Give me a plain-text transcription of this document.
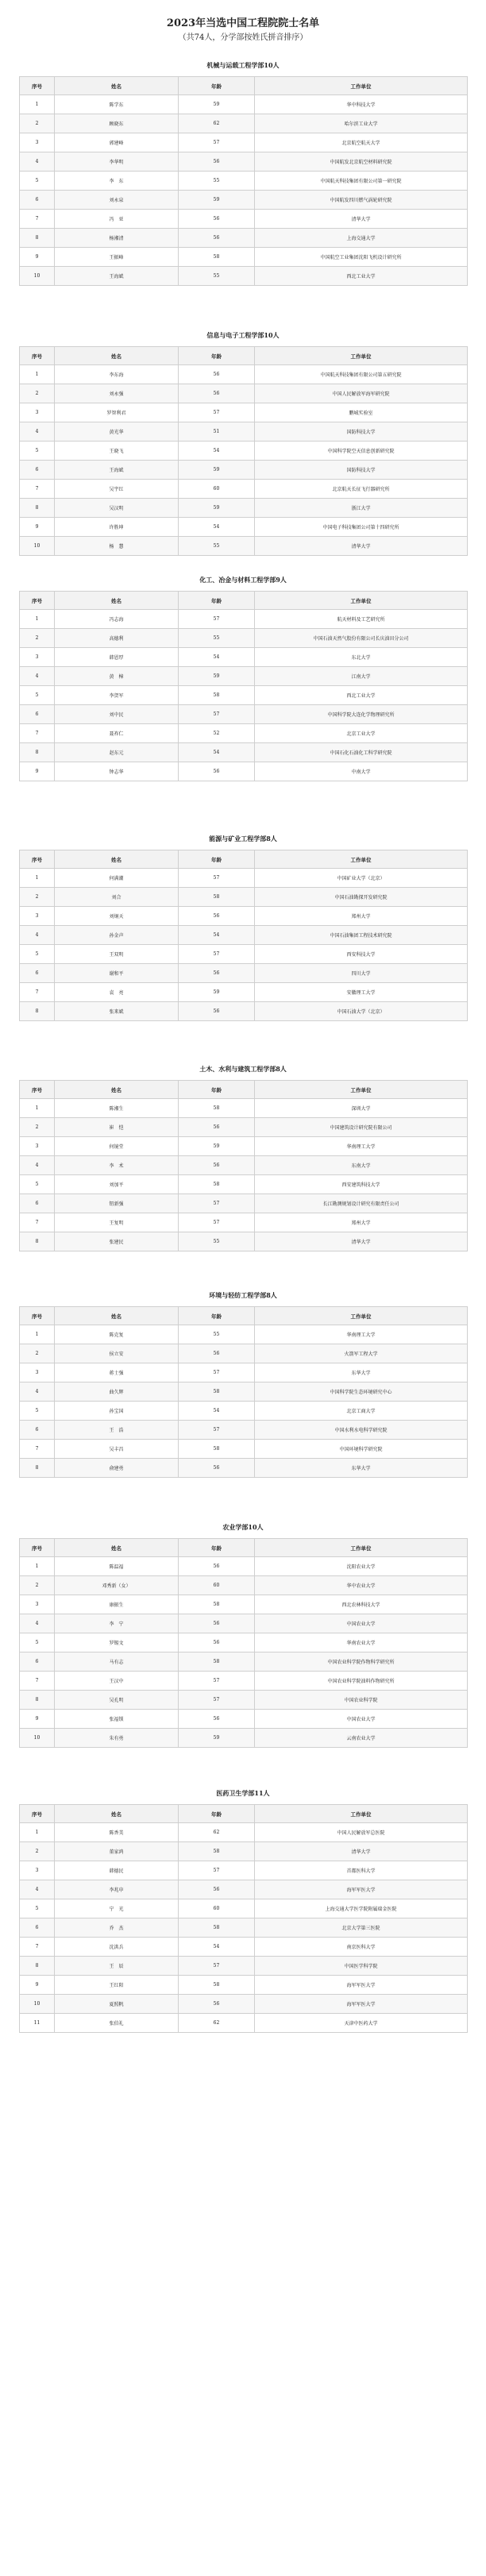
2023年当选中国工程院院士名单

（共74人，分学部按姓氏拼音排序）

机械与运载工程学部10人
序号	姓名	年龄	工作单位
1	陈学东	59	华中科技大学
2	顾晓东	62	哈尔滨工业大学
3	郭建峰	57	北京航空航天大学
4	李华明	56	中国航发北京航空材料研究院
5	李　东	55	中国航天科技集团有限公司第一研究院
6	刘永泉	59	中国航发四川燃气涡轮研究院
7	冯　亚	56	清华大学
8	杨湘清	56	上海交通大学
9	王振峰	58	中国航空工业集团沈阳飞机设计研究所
10	王海斌	55	西北工业大学
信息与电子工程学部10人
序号	姓名	年龄	工作单位
1	李东海	56	中国航天科技集团有限公司第五研究院
2	刘永强	56	中国人民解放军海军研究院
3	罗智利君	57	鹏城实验室
4	黄光华	51	国防科技大学
5	王晓飞	54	中国科学院空天信息创新研究院
6	王海斌	59	国防科技大学
7	吴宇红	60	北京航天长征飞行器研究所
8	吴汉明	59	浙江大学
9	许胜坤	54	中国电子科技集团公司第十四研究所
10	杨　慧	55	清华大学
化工、冶金与材料工程学部9人
序号	姓名	年龄	工作单位
1	冯志海	57	航天材料及工艺研究所
2	高德利	55	中国石油天然气股份有限公司长庆油田分公司
3	韩恩厚	54	东北大学
4	黄　樟	59	江南大学
5	李贺军	58	西北工业大学
6	刘中民	57	中国科学院大连化学物理研究所
7	聂祚仁	52	北京工业大学
8	赵东元	54	中国石化石油化工科学研究院
9	钟志华	56	中南大学
能源与矿业工程学部8人
序号	姓名	年龄	工作单位
1	何满潮	57	中国矿业大学（北京）
2	刘合	58	中国石油勘探开发研究院
3	刘炯天	56	郑州大学
4	孙金声	54	中国石油集团工程技术研究院
5	王双明	57	西安科技大学
6	谢和平	56	四川大学
7	袁　亮	59	安徽理工大学
8	张来斌	56	中国石油大学（北京）
土木、水利与建筑工程学部8人
序号	姓名	年龄	工作单位
1	陈湘生	58	深圳大学
2	崔　恺	56	中国建筑设计研究院有限公司
3	何镜堂	59	华南理工大学
4	李　术	56	东南大学
5	刘加平	58	西安建筑科技大学
6	钮新强	57	长江勘测规划设计研究有限责任公司
7	王复明	57	郑州大学
8	张建民	55	清华大学
环境与轻纺工程学部8人
序号	姓名	年龄	工作单位
1	陈克复	55	华南理工大学
2	侯立安	56	火箭军工程大学
3	蒋士强	57	东华大学
4	曲久辉	58	中国科学院生态环境研究中心
5	孙宝国	54	北京工商大学
6	王　浩	57	中国水利水电科学研究院
7	吴丰昌	58	中国环境科学研究院
8	俞建勇	56	东华大学
农业学部10人
序号	姓名	年龄	工作单位
1	陈温福	56	沈阳农业大学
2	邓秀新（女）	60	华中农业大学
3	康振生	58	西北农林科技大学
4	李　宁	56	中国农业大学
5	罗锡文	56	华南农业大学
6	马有志	58	中国农业科学院作物科学研究所
7	王汉中	57	中国农业科学院油料作物研究所
8	吴孔明	57	中国农业科学院
9	张福锁	56	中国农业大学
10	朱有勇	59	云南农业大学
医药卫生学部11人
序号	姓名	年龄	工作单位
1	陈香美	62	中国人民解放军总医院
2	董家鸿	58	清华大学
3	韩德民	57	首都医科大学
4	李兆申	56	海军军医大学
5	宁　光	60	上海交通大学医学院附属瑞金医院
6	乔　杰	58	北京大学第三医院
7	沈洪兵	54	南京医科大学
8	王　辰	57	中国医学科学院
9	王红阳	58	海军军医大学
10	夏照帆	56	海军军医大学
11	张伯礼	62	天津中医药大学
